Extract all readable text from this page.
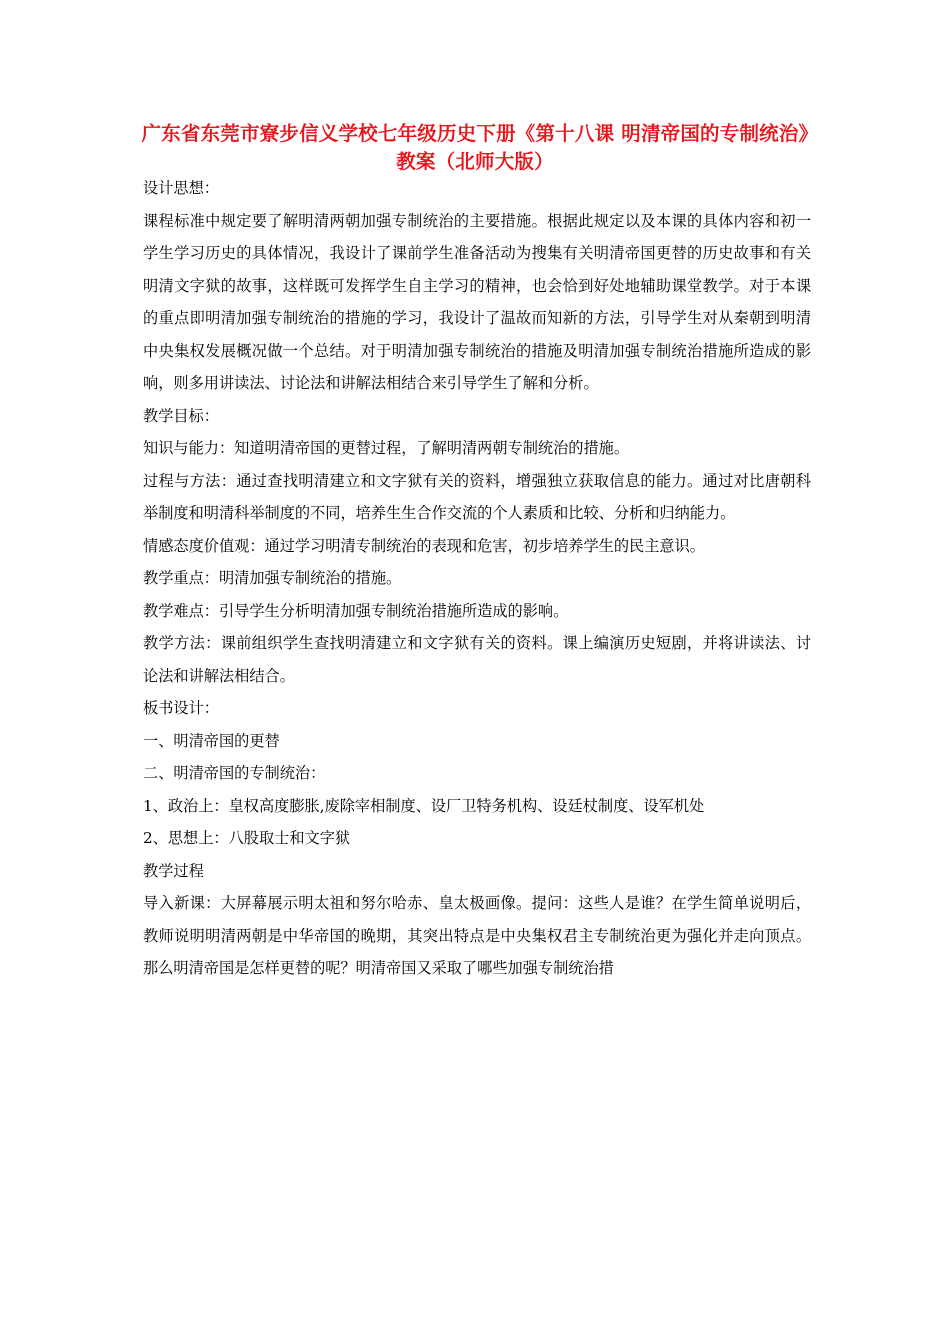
广东省东莞市寮步信义学校七年级历史下册《第十八课 明清帝国的专制统治》教案（北师大版）

设计思想：

课程标准中规定要了解明清两朝加强专制统治的主要措施。根据此规定以及本课的具体内容和初一学生学习历史的具体情况，我设计了课前学生准备活动为搜集有关明清帝国更替的历史故事和有关明清文字狱的故事，这样既可发挥学生自主学习的精神，也会恰到好处地辅助课堂教学。对于本课的重点即明清加强专制统治的措施的学习，我设计了温故而知新的方法，引导学生对从秦朝到明清中央集权发展概况做一个总结。对于明清加强专制统治的措施及明清加强专制统治措施所造成的影响，则多用讲读法、讨论法和讲解法相结合来引导学生了解和分析。

教学目标：

知识与能力：知道明清帝国的更替过程，了解明清两朝专制统治的措施。

过程与方法：通过查找明清建立和文字狱有关的资料，增强独立获取信息的能力。通过对比唐朝科举制度和明清科举制度的不同，培养生生合作交流的个人素质和比较、分析和归纳能力。

情感态度价值观：通过学习明清专制统治的表现和危害，初步培养学生的民主意识。

教学重点：明清加强专制统治的措施。

教学难点：引导学生分析明清加强专制统治措施所造成的影响。

教学方法：课前组织学生查找明清建立和文字狱有关的资料。课上编演历史短剧，并将讲读法、讨论法和讲解法相结合。

板书设计：

一、明清帝国的更替

二、明清帝国的专制统治：

1、政治上：皇权高度膨胀,废除宰相制度、设厂卫特务机构、设廷杖制度、设军机处

2、思想上：八股取士和文字狱

教学过程

导入新课：大屏幕展示明太祖和努尔哈赤、皇太极画像。提问：这些人是谁？在学生简单说明后，教师说明明清两朝是中华帝国的晚期，其突出特点是中央集权君主专制统治更为强化并走向顶点。那么明清帝国是怎样更替的呢？明清帝国又采取了哪些加强专制统治措
